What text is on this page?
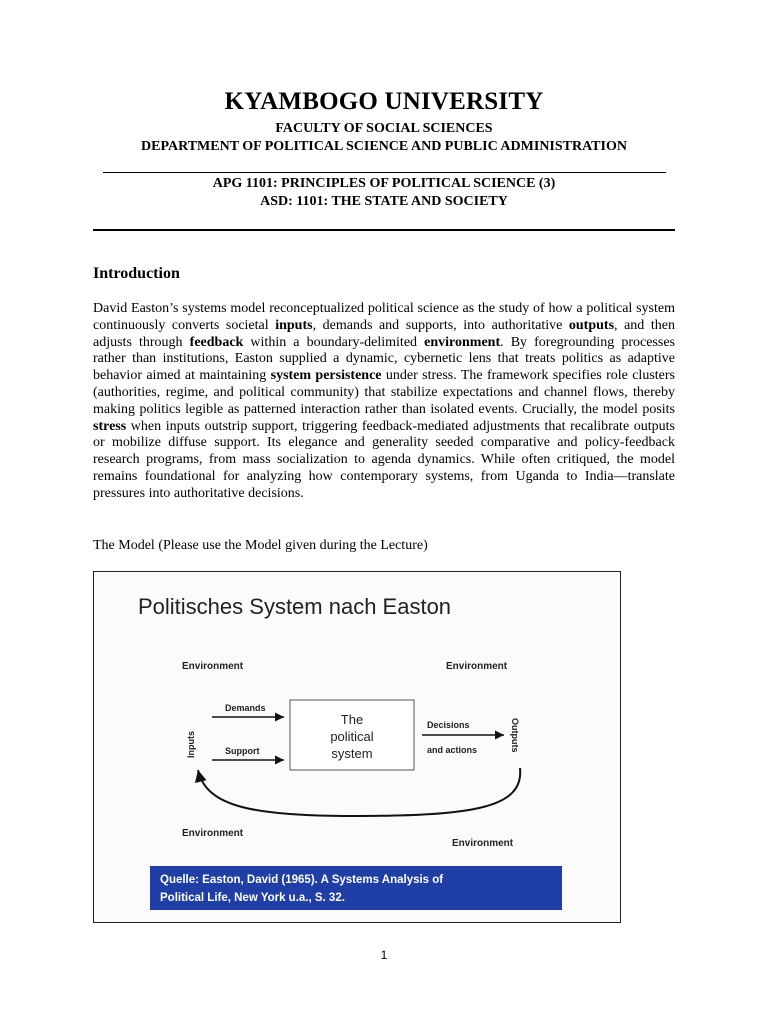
KYAMBOGO UNIVERSITY

FACULTY OF SOCIAL SCIENCES

DEPARTMENT OF POLITICAL SCIENCE AND PUBLIC ADMINISTRATION

APG 1101: PRINCIPLES OF POLITICAL SCIENCE (3)

ASD: 1101: THE STATE AND SOCIETY

Introduction

David Easton’s systems model reconceptualized political science as the study of how a political system continuously converts societal inputs, demands and supports, into authoritative outputs, and then adjusts through feedback within a boundary-delimited environment. By foregrounding processes rather than institutions, Easton supplied a dynamic, cybernetic lens that treats politics as adaptive behavior aimed at maintaining system persistence under stress. The framework specifies role clusters (authorities, regime, and political community) that stabilize expectations and channel flows, thereby making politics legible as patterned interaction rather than isolated events. Crucially, the model posits stress when inputs outstrip support, triggering feedback-mediated adjustments that recalibrate outputs or mobilize diffuse support. Its elegance and generality seeded comparative and policy-feedback research programs, from mass socialization to agenda dynamics. While often critiqued, the model remains foundational for analyzing how contemporary systems, from Uganda to India—translate pressures into authoritative decisions.

The Model (Please use the Model given during the Lecture)

Politisches System nach Easton
Environment	Environment
Environment
Environment
Demands
Support
Inputs
The
political
system
Decisions
and actions	Outputs
Quelle: Easton, David (1965). A Systems Analysis of
Political Life, New York u.a., S. 32.

1
